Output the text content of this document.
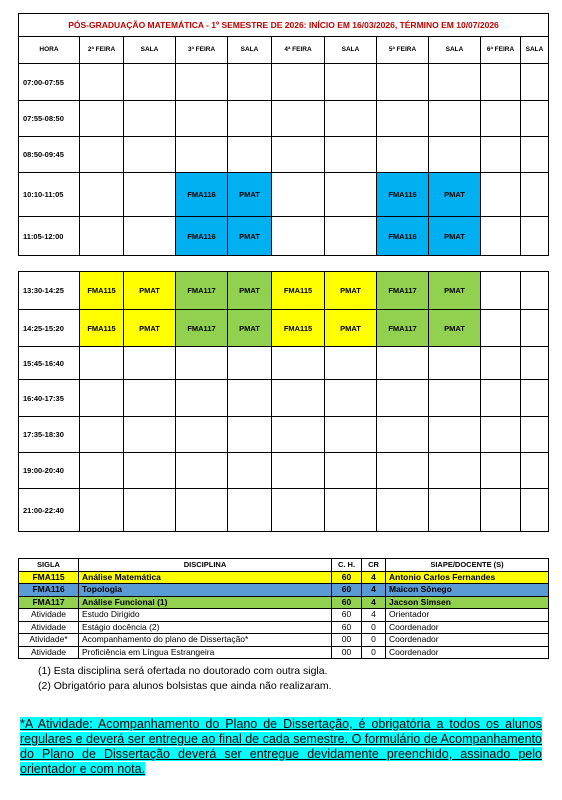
PÓS-GRADUAÇÃO MATEMÁTICA - 1º SEMESTRE DE 2026: INÍCIO EM 16/03/2026, TÉRMINO EM 10/07/2026										
HORA	2ª FEIRA	SALA	3ª FEIRA	SALA	4ª FEIRA	SALA	5ª FEIRA	SALA	6ª FEIRA	SALA
07:00-07:55										
07:55-08:50										
08:50-09:45										
10:10-11:05			FMA116	PMAT			FMA116	PMAT		
11:05-12:00			FMA116	PMAT			FMA116	PMAT		
13:30-14:25	FMA115	PMAT	FMA117	PMAT	FMA115	PMAT	FMA117	PMAT		
14:25-15:20	FMA115	PMAT	FMA117	PMAT	FMA115	PMAT	FMA117	PMAT		
15:45-16:40										
16:40-17:35										
17:35-18:30										
19:00-20:40										
21:00-22:40										
SIGLA	DISCIPLINA	C. H.	CR	SIAPE/DOCENTE (S)
FMA115	Análise Matemática	60	4	Antonio Carlos Fernandes
FMA116	Topologia	60	4	Maicon Sônego
FMA117	Análise Funcional (1)	60	4	Jacson Simsen
Atividade	Estudo Dirigido	60	4	Orientador
Atividade	Estágio docência (2)	60	0	Coordenador
Atividade*	Acompanhamento do plano de Dissertação*	00	0	Coordenador
Atividade	Proficiência em Língua Estrangeira	00	0	Coordenador
(1) Esta disciplina será ofertada no doutorado com outra sigla.
(2) Obrigatório para alunos bolsistas que ainda não realizaram.
*A Atividade: Acompanhamento do Plano de Dissertação, é obrigatória a todos os alunos regulares e deverá ser entregue ao final de cada semestre. O formulário de Acompanhamento do Plano de Dissertação deverá ser entregue devidamente preenchido, assinado pelo orientador e com nota.
